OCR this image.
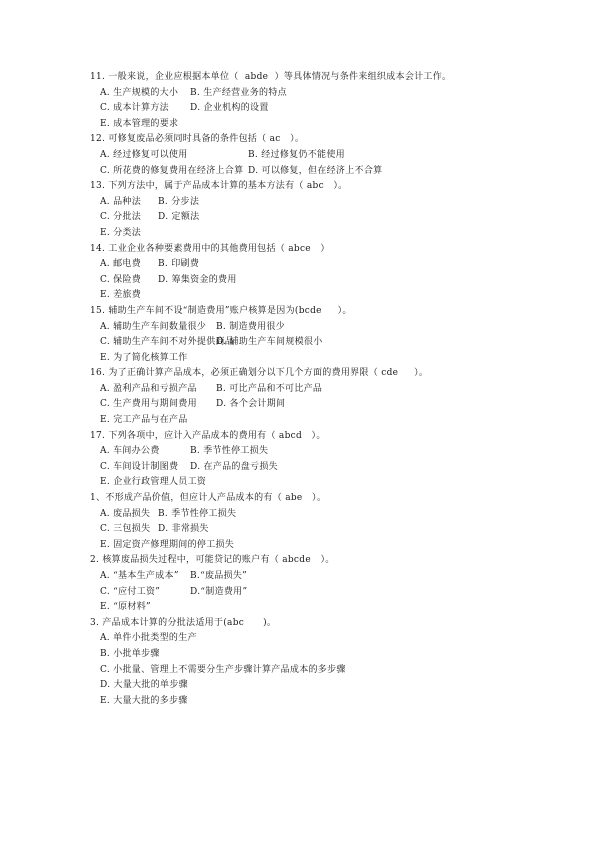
11. 一般来说，企业应根据本单位（  abde  ）等具体情况与条件来组织成本会计工作。
A. 生产规模的大小 B. 生产经营业务的特点
C. 成本计算方法 D. 企业机构的设置
E. 成本管理的要求
12. 可修复废品必须同时具备的条件包括（ ac   ）。
A. 经过修复可以使用	B. 经过修复仍不能使用
C. 所花费的修复费用在经济上合算 D. 可以修复，但在经济上不合算
13. 下列方法中，属于产品成本计算的基本方法有（ abc   ）。
A. 品种法 B. 分步法
C. 分批法 D. 定额法
E. 分类法
14. 工业企业各种要素费用中的其他费用包括（ abce   ）
A. 邮电费 B. 印刷费
C. 保险费 D. 筹集资金的费用
E. 差旅费
15. 辅助生产车间不设“制造费用”账户核算是因为(bcde     ）。
A. 辅助生产车间数量很少 B. 制造费用很少
C. 辅助生产车间不对外提供商品D. 辅助生产车间规模很小
E. 为了简化核算工作
16. 为了正确计算产品成本，必须正确划分以下几个方面的费用界限（ cde     ）。
A. 盈利产品和亏损产品 B. 可比产品和不可比产品
C. 生产费用与期间费用 D. 各个会计期间
E. 完工产品与在产品
17. 下列各项中，应计入产品成本的费用有（ abcd   ）。
A. 车间办公费	B. 季节性停工损失
C. 车间设计制图费 D. 在产品的盘亏损失
E. 企业行政管理人员工资
1、不形成产品价值，但应计人产品成本的有（ abe   ）。
A. 废品损失 B. 季节性停工损失
C. 三包损失 D. 非常损失
E. 固定资产修理期间的停工损失
2. 核算废品损失过程中，可能贷记的账户有（ abcde   ）。
A. “基本生产成本” B.“废品损失”
C. “应付工资”	D.“制造费用”
E. “原材料”
3. 产品成本计算的分批法适用于(abc      )。
A. 单件小批类型的生产
B. 小批单步骤
C. 小批量、管理上不需要分生产步骤计算产品成本的多步骤
D. 大量大批的单步骤
E. 大量大批的多步骤
